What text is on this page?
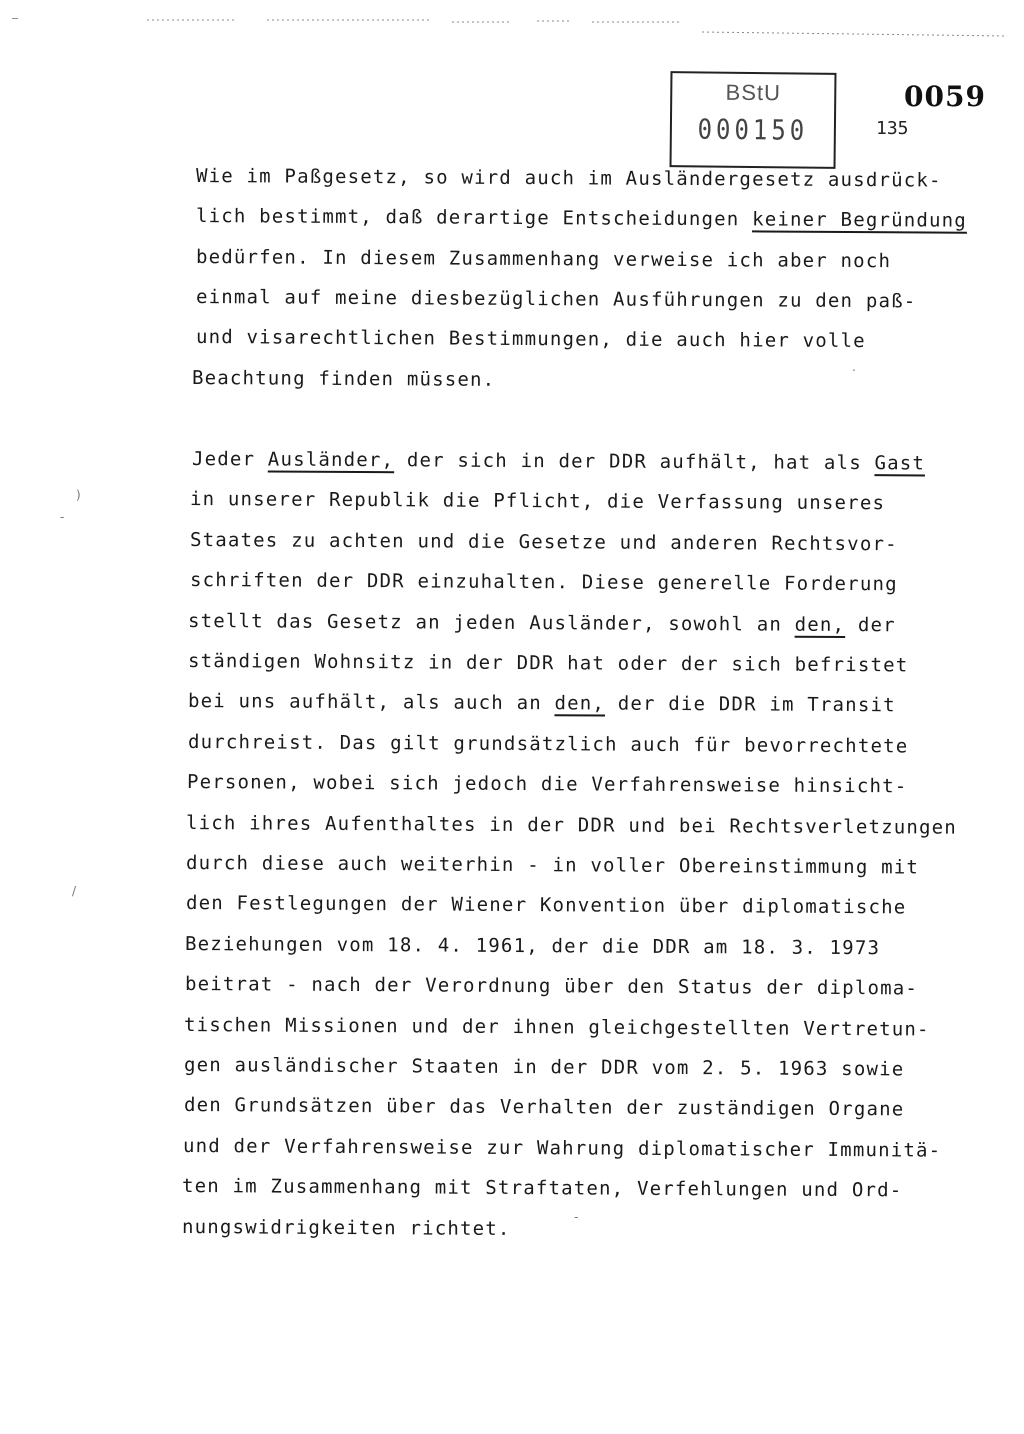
BStU
000150
0059
135
Wie im Paßgesetz, so wird auch im Ausländergesetz ausdrück-
lich bestimmt, daß derartige Entscheidungen keiner Begründung
bedürfen. In diesem Zusammenhang verweise ich aber noch
einmal auf meine diesbezüglichen Ausführungen zu den paß-
und visarechtlichen Bestimmungen, die auch hier volle
Beachtung finden müssen.
Jeder Ausländer, der sich in der DDR aufhält, hat als Gast
in unserer Republik die Pflicht, die Verfassung unseres
Staates zu achten und die Gesetze und anderen Rechtsvor-
schriften der DDR einzuhalten. Diese generelle Forderung
stellt das Gesetz an jeden Ausländer, sowohl an den, der
ständigen Wohnsitz in der DDR hat oder der sich befristet
bei uns aufhält, als auch an den, der die DDR im Transit
durchreist. Das gilt grundsätzlich auch für bevorrechtete
Personen, wobei sich jedoch die Verfahrensweise hinsicht-
lich ihres Aufenthaltes in der DDR und bei Rechtsverletzungen
durch diese auch weiterhin - in voller Obereinstimmung mit
den Festlegungen der Wiener Konvention über diplomatische
Beziehungen vom 18. 4. 1961, der die DDR am 18. 3. 1973
beitrat - nach der Verordnung über den Status der diploma-
tischen Missionen und der ihnen gleichgestellten Vertretun-
gen ausländischer Staaten in der DDR vom 2. 5. 1963 sowie
den Grundsätzen über das Verhalten der zuständigen Organe
und der Verfahrensweise zur Wahrung diplomatischer Immunitä-
ten im Zusammenhang mit Straftaten, Verfehlungen und Ord-
nungswidrigkeiten richtet.
)
-
/
.
-
